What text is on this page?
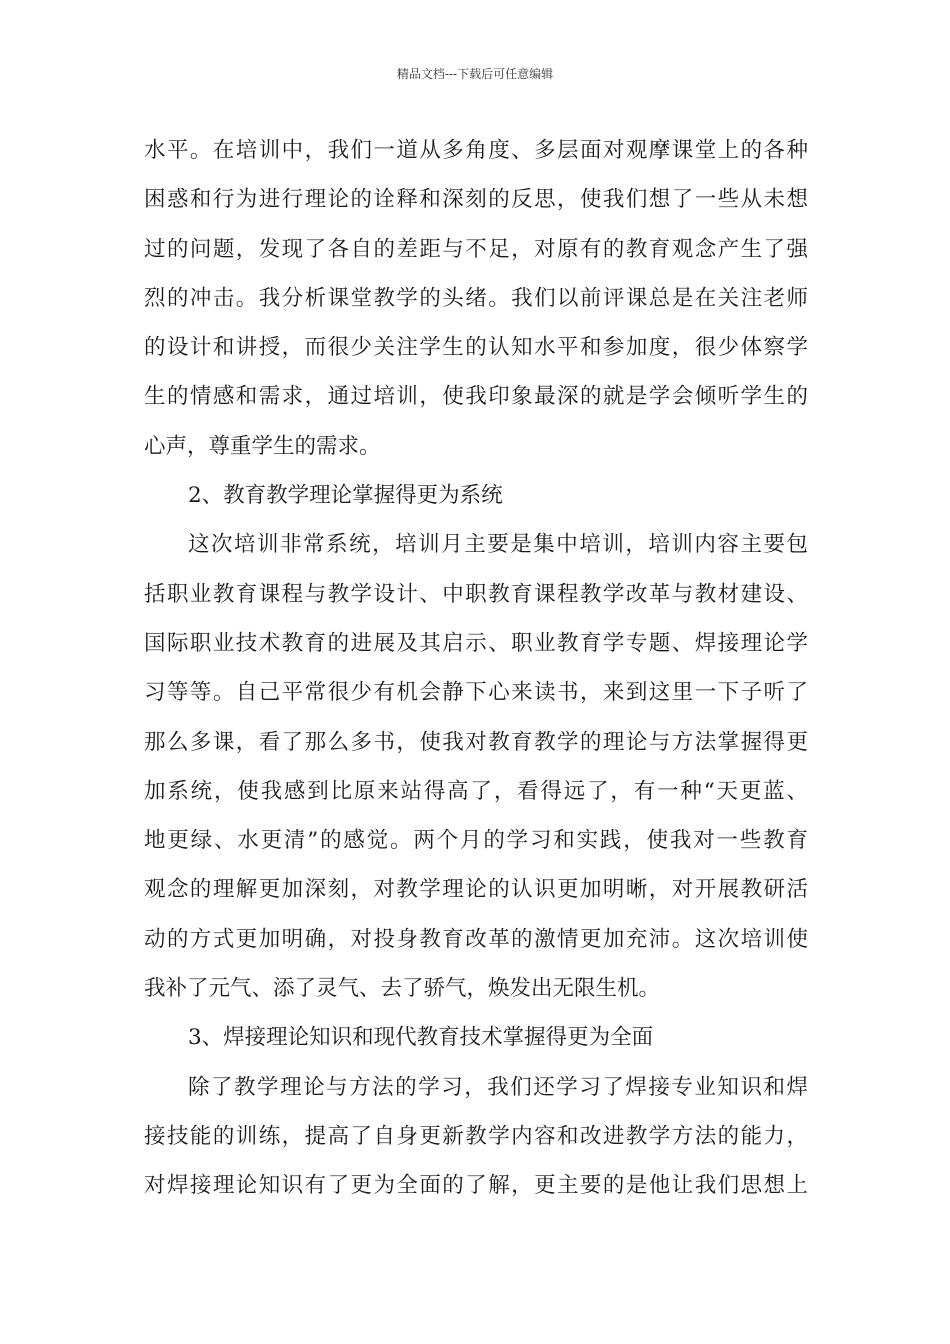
精品文档---下载后可任意编辑
水平。在培训中，我们一道从多角度、多层面对观摩课堂上的各种
困惑和行为进行理论的诠释和深刻的反思，使我们想了一些从未想
过的问题，发现了各自的差距与不足，对原有的教育观念产生了强
烈的冲击。我分析课堂教学的头绪。我们以前评课总是在关注老师
的设计和讲授，而很少关注学生的认知水平和参加度，很少体察学
生的情感和需求，通过培训，使我印象最深的就是学会倾听学生的
心声，尊重学生的需求。
2、教育教学理论掌握得更为系统
这次培训非常系统，培训月主要是集中培训，培训内容主要包
括职业教育课程与教学设计、中职教育课程教学改革与教材建设、
国际职业技术教育的进展及其启示、职业教育学专题、焊接理论学
习等等。自己平常很少有机会静下心来读书，来到这里一下子听了
那么多课，看了那么多书，使我对教育教学的理论与方法掌握得更
加系统，使我感到比原来站得高了，看得远了，有一种“天更蓝、
地更绿、水更清”的感觉。两个月的学习和实践，使我对一些教育
观念的理解更加深刻，对教学理论的认识更加明晰，对开展教研活
动的方式更加明确，对投身教育改革的激情更加充沛。这次培训使
我补了元气、添了灵气、去了骄气，焕发出无限生机。
3、焊接理论知识和现代教育技术掌握得更为全面
除了教学理论与方法的学习，我们还学习了焊接专业知识和焊
接技能的训练，提高了自身更新教学内容和改进教学方法的能力，
对焊接理论知识有了更为全面的了解，更主要的是他让我们思想上
